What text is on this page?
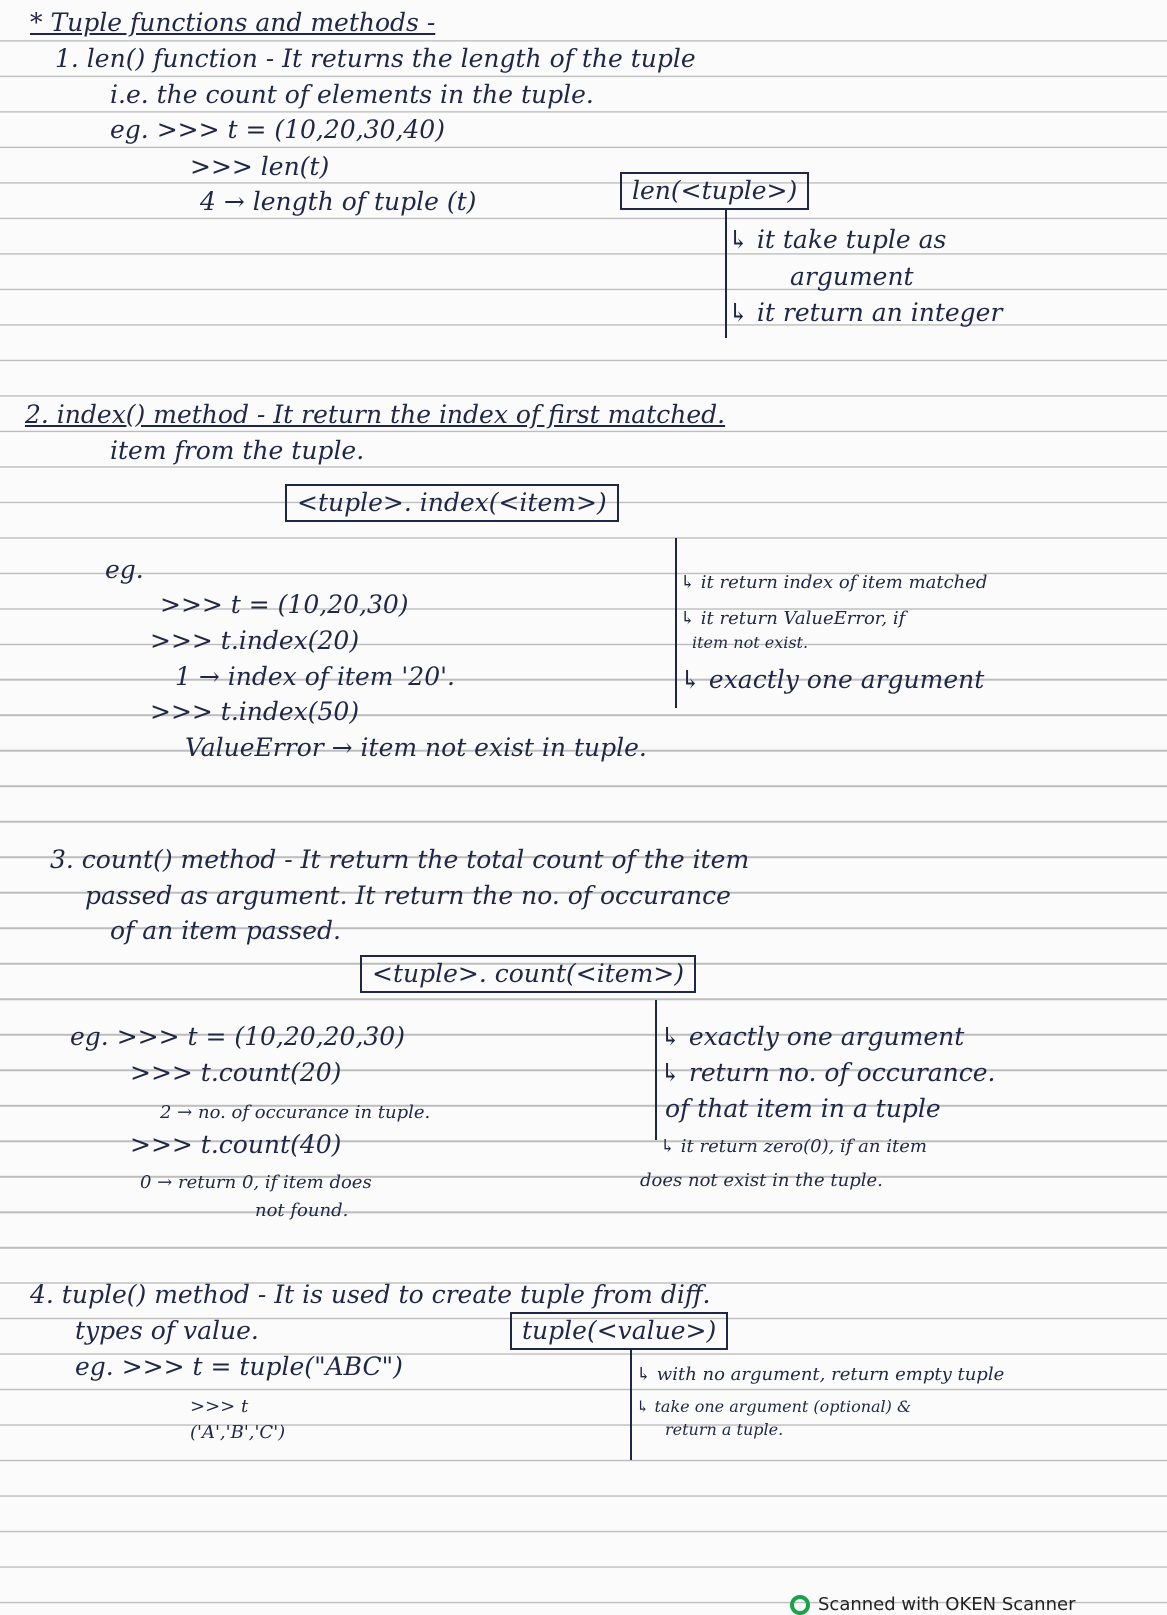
* Tuple functions and methods -
1. len() function - It returns the length of the tuple
i.e. the count of elements in the tuple.
eg. >>> t = (10,20,30,40)
>>> len(t)
4 → length of tuple (t)	len(<tuple>)
↳ it take tuple as
argument
↳ it return an integer
2. index() method - It return the index of first matched.
item from the tuple.
<tuple>. index(<item>)
eg.
>>> t = (10,20,30)
>>> t.index(20)
1 → index of item '20'.
>>> t.index(50)
ValueError → item not exist in tuple.
↳ it return index of item matched
↳ it return ValueError, if
item not exist.
↳ exactly one argument
3. count() method - It return the total count of the item
passed as argument. It return the no. of occurance
of an item passed.
<tuple>. count(<item>)
eg. >>> t = (10,20,20,30)
>>> t.count(20)
2 → no. of occurance in tuple.
>>> t.count(40)
0 → return 0, if item does
not found.
↳ exactly one argument
↳ return no. of occurance.
of that item in a tuple
↳ it return zero(0), if an item
does not exist in the tuple.
4. tuple() method - It is used to create tuple from diff.
types of value.	tuple(<value>)
eg. >>> t = tuple("ABC")
>>> t
('A','B','C')
↳ with no argument, return empty tuple
↳ take one argument (optional) &
return a tuple.
Scanned with OKEN Scanner
